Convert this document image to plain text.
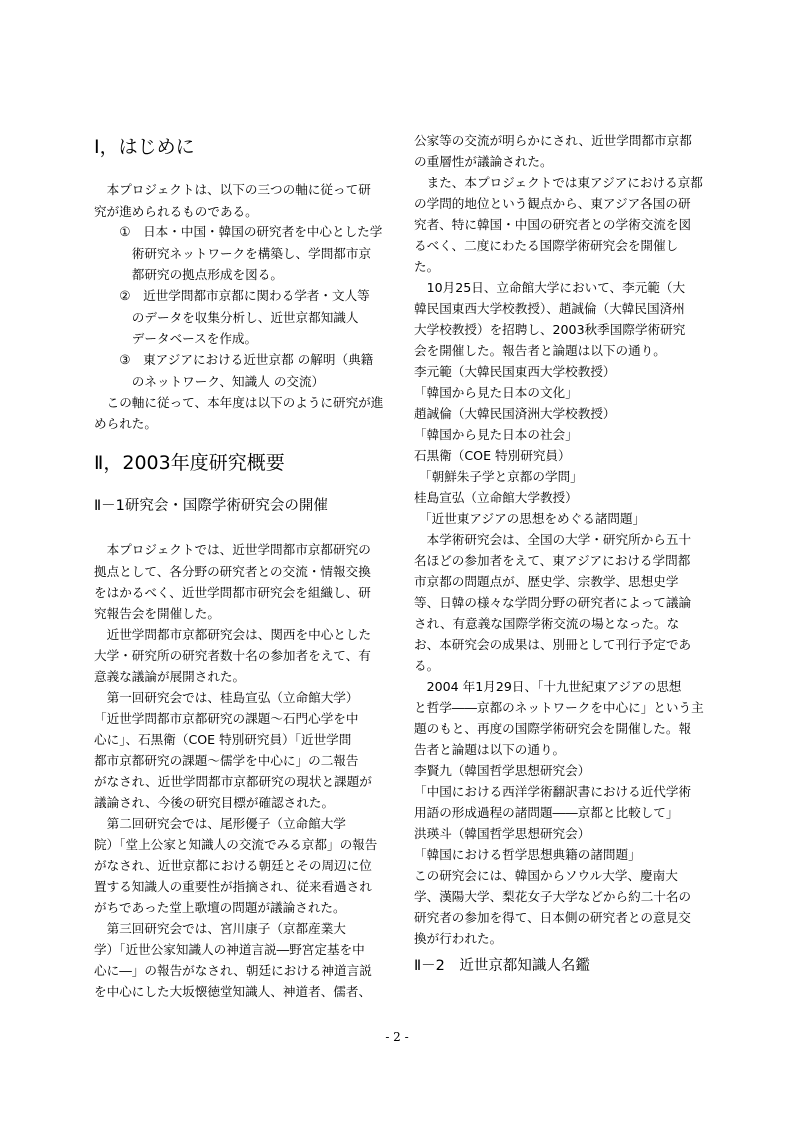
Ⅰ，はじめに
本プロジェクトは、以下の三つの軸に従って研
究が進められるものである。
①　日本・中国・韓国の研究者を中心とした学
術研究ネットワークを構築し、学問都市京
都研究の拠点形成を図る。
②　近世学問都市京都に関わる学者・文人等
のデータを収集分析し、近世京都知識人
データベースを作成。
③　東アジアにおける近世京都 の解明（典籍
のネットワーク、知識人 の交流）
この軸に従って、本年度は以下のように研究が進
められた。
Ⅱ，2003年度研究概要
Ⅱ－1研究会・国際学術研究会の開催
本プロジェクトでは、近世学問都市京都研究の
拠点として、各分野の研究者との交流・情報交換
をはかるべく、近世学問都市研究会を組織し、研
究報告会を開催した。
近世学問都市京都研究会は、関西を中心とした
大学・研究所の研究者数十名の参加者をえて、有
意義な議論が展開された。
第一回研究会では、桂島宣弘（立命館大学）
「近世学問都市京都研究の課題～石門心学を中
心に」、石黒衛（COE 特別研究員）「近世学問
都市京都研究の課題～儒学を中心に」の二報告
がなされ、近世学問都市京都研究の現状と課題が
議論され、今後の研究目標が確認された。
第二回研究会では、尾形優子（立命館大学
院）「堂上公家と知識人の交流でみる京都」の報告
がなされ、近世京都における朝廷とその周辺に位
置する知識人の重要性が指摘され、従来看過され
がちであった堂上歌壇の問題が議論された。
第三回研究会では、宮川康子（京都産業大
学）「近世公家知識人の神道言説―野宮定基を中
心に―」の報告がなされ、朝廷における神道言説
を中心にした大坂懐徳堂知識人、神道者、儒者、
公家等の交流が明らかにされ、近世学問都市京都
の重層性が議論された。
また、本プロジェクトでは東アジアにおける京都
の学問的地位という観点から、東アジア各国の研
究者、特に韓国・中国の研究者との学術交流を図
るべく、二度にわたる国際学術研究会を開催し
た。
10月25日、立命館大学において、李元範（大
韓民国東西大学校教授）、趙誠倫（大韓民国済州
大学校教授）を招聘し、2003秋季国際学術研究
会を開催した。報告者と論題は以下の通り。
李元範（大韓民国東西大学校教授）
「韓国から見た日本の文化」
趙誠倫（大韓民国済洲大学校教授）
「韓国から見た日本の社会」
石黒衛（COE 特別研究員）
「朝鮮朱子学と京都の学問」
桂島宣弘（立命館大学教授）
「近世東アジアの思想をめぐる諸問題」
本学術研究会は、全国の大学・研究所から五十
名ほどの参加者をえて、東アジアにおける学問都
市京都の問題点が、歴史学、宗教学、思想史学
等、日韓の様々な学問分野の研究者によって議論
され、有意義な国際学術交流の場となった。な
お、本研究会の成果は、別冊として刊行予定であ
る。
2004 年1月29日、「十九世紀東アジアの思想
と哲学――京都のネットワークを中心に」という主
題のもと、再度の国際学術研究会を開催した。報
告者と論題は以下の通り。
李賢九（韓国哲学思想研究会）
「中国における西洋学術翻訳書における近代学術
用語の形成過程の諸問題――京都と比較して」
洪瑛斗（韓国哲学思想研究会）
「韓国における哲学思想典籍の諸問題」
この研究会には、韓国からソウル大学、慶南大
学、漢陽大学、梨花女子大学などから約二十名の
研究者の参加を得て、日本側の研究者との意見交
換が行われた。
Ⅱ－2　近世京都知識人名鑑
- 2 -
